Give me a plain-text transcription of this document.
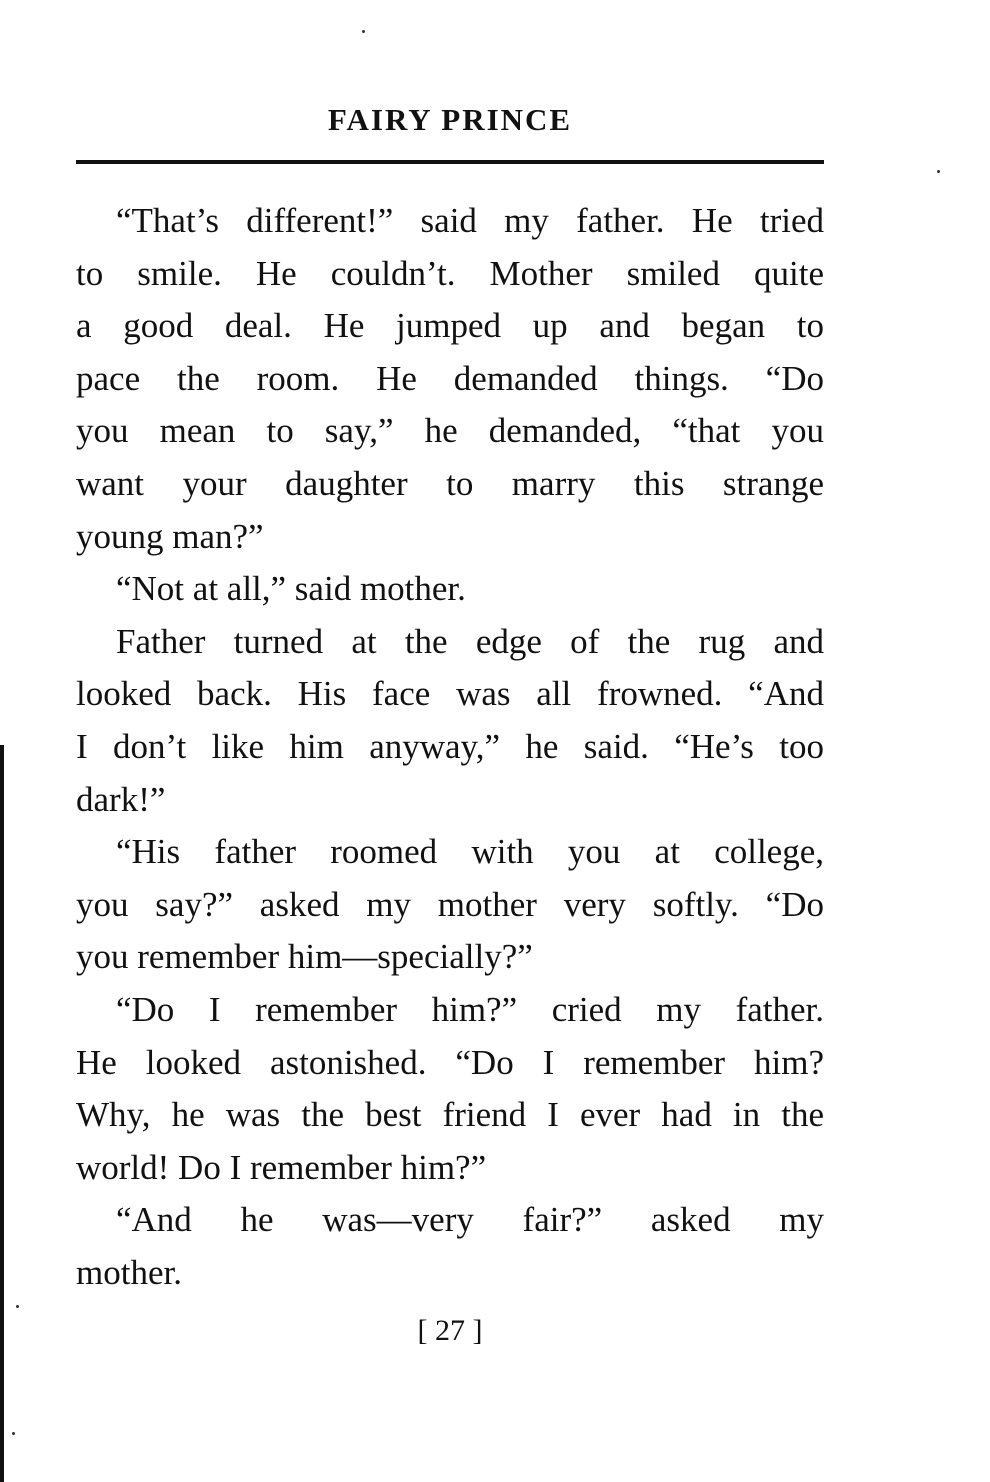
FAIRY PRINCE
“That’s different!” said my father. He tried
to smile. He couldn’t. Mother smiled quite
a good deal. He jumped up and began to
pace the room. He demanded things. “Do
you mean to say,” he demanded, “that you
want your daughter to marry this strange
young man?”
“Not at all,” said mother.
Father turned at the edge of the rug and
looked back. His face was all frowned. “And
I don’t like him anyway,” he said. “He’s too
dark!”
“His father roomed with you at college,
you say?” asked my mother very softly. “Do
you remember him—specially?”
“Do I remember him?” cried my father.
He looked astonished. “Do I remember him?
Why, he was the best friend I ever had in the
world! Do I remember him?”
“And he was—very fair?” asked my
mother.

[ 27 ]
